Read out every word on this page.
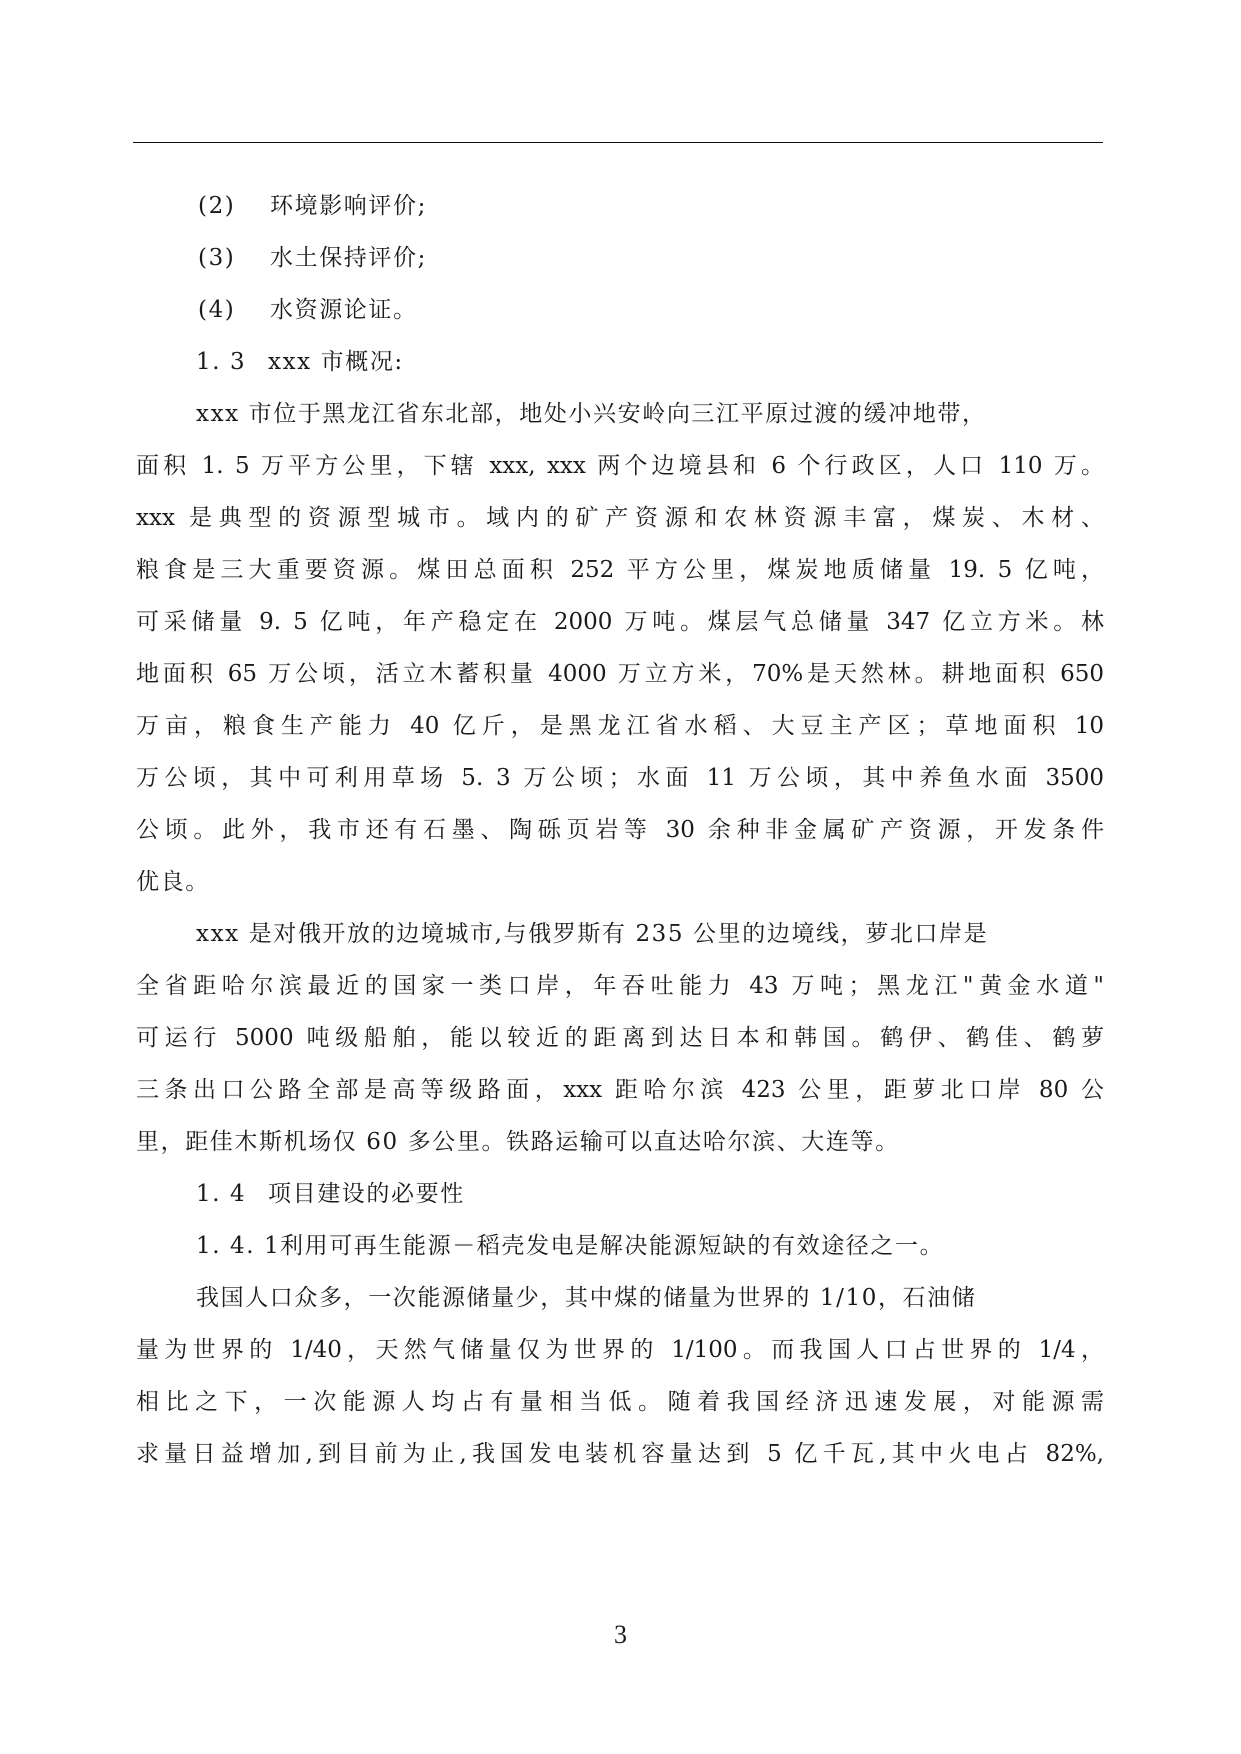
(2) 环境影响评价;

(3) 水土保持评价;

(4) 水资源论证。

1. 3 xxx 市概况:

xxx 市位于黑龙江省东北部，地处小兴安岭向三江平原过渡的缓冲地带，

面积 1. 5 万平方公里，下辖 xxx, xxx 两个边境县和 6 个行政区，人口 110 万。

xxx 是典型的资源型城市。域内的矿产资源和农林资源丰富，煤炭、木材、

粮食是三大重要资源。煤田总面积 252 平方公里，煤炭地质储量 19. 5 亿吨，

可采储量 9. 5 亿吨，年产稳定在 2000 万吨。煤层气总储量 347 亿立方米。林

地面积 65 万公顷，活立木蓄积量 4000 万立方米，70%是天然林。耕地面积 650

万亩，粮食生产能力 40 亿斤，是黑龙江省水稻、大豆主产区；草地面积 10

万公顷，其中可利用草场 5. 3 万公顷；水面 11 万公顷，其中养鱼水面 3500

公顷。此外，我市还有石墨、陶砾页岩等 30 余种非金属矿产资源，开发条件

优良。

xxx 是对俄开放的边境城市,与俄罗斯有 235 公里的边境线，萝北口岸是

全省距哈尔滨最近的国家一类口岸，年吞吐能力 43 万吨；黑龙江"黄金水道"

可运行 5000 吨级船舶，能以较近的距离到达日本和韩国。鹤伊、鹤佳、鹤萝

三条出口公路全部是高等级路面，xxx 距哈尔滨 423 公里，距萝北口岸 80 公

里，距佳木斯机场仅 60 多公里。铁路运输可以直达哈尔滨、大连等。

1. 4 项目建设的必要性

1. 4. 1利用可再生能源－稻壳发电是解决能源短缺的有效途径之一。

我国人口众多，一次能源储量少，其中煤的储量为世界的 1/10，石油储

量为世界的 1/40，天然气储量仅为世界的 1/100。而我国人口占世界的 1/4，

相比之下，一次能源人均占有量相当低。随着我国经济迅速发展，对能源需

求量日益增加,到目前为止,我国发电装机容量达到 5 亿千瓦,其中火电占 82%,

3
